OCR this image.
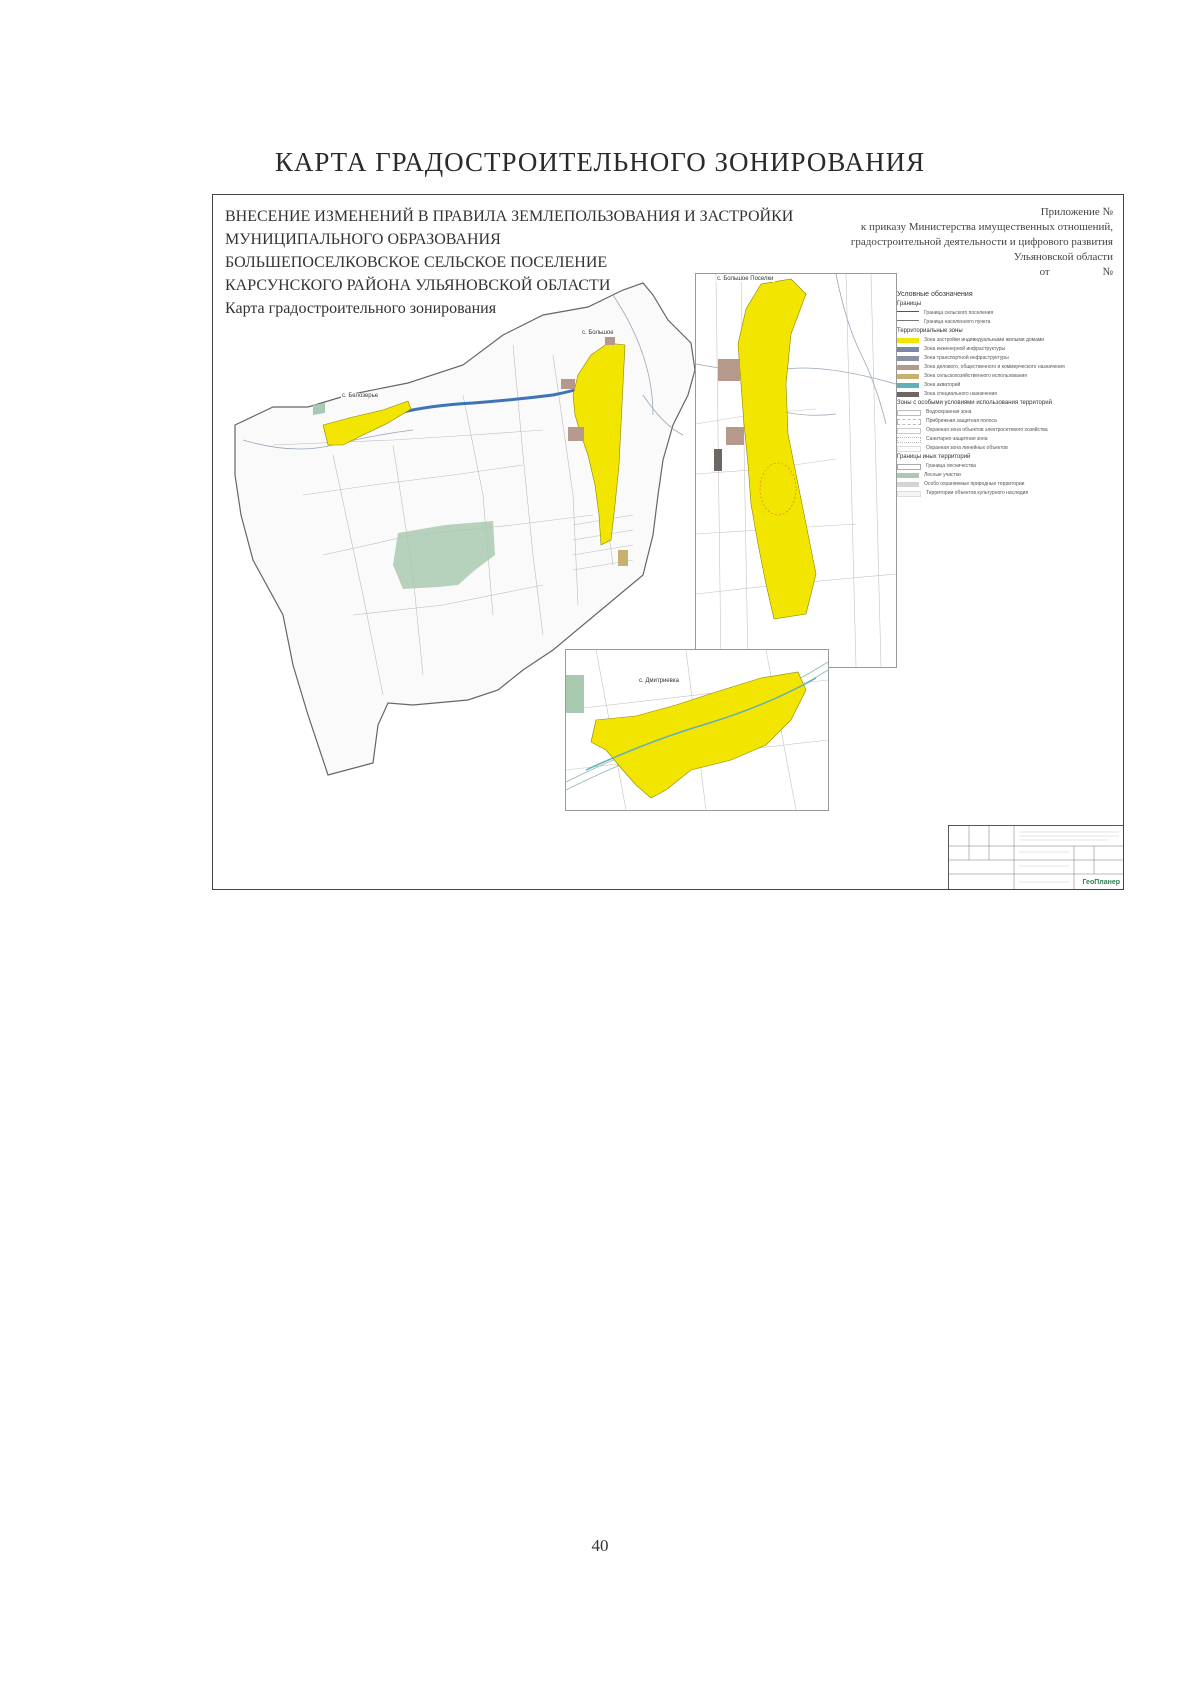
КАРТА ГРАДОСТРОИТЕЛЬНОГО ЗОНИРОВАНИЯ
с. Белозерье
с. Большое
ВНЕСЕНИЕ ИЗМЕНЕНИЙ В ПРАВИЛА ЗЕМЛЕПОЛЬЗОВАНИЯ И ЗАСТРОЙКИ
МУНИЦИПАЛЬНОГО ОБРАЗОВАНИЯ
БОЛЬШЕПОСЕЛКОВСКОЕ СЕЛЬСКОЕ ПОСЕЛЕНИЕ
КАРСУНСКОГО РАЙОНА УЛЬЯНОВСКОЙ ОБЛАСТИ
Карта градостроительного зонирования
Приложение №
к приказу Министерства имущественных отношений,
градостроительной деятельности и цифрового развития
Ульяновской области
от	№
с. Большое Поселки
с. Дмитриевка
Условные обозначения
Границы
Граница сельского поселения
Граница населенного пункта
Территориальные зоны
Зона застройки индивидуальными жилыми домами
Зона инженерной инфраструктуры
Зона транспортной инфраструктуры
Зона делового, общественного и коммерческого назначения
Зона сельскохозяйственного использования
Зона акваторий
Зона специального назначения
Зоны с особыми условиями использования территорий
Водоохранная зона
Прибрежная защитная полоса
Охранная зона объектов электросетевого хозяйства
Санитарно-защитная зона
Охранная зона линейных объектов
Границы иных территорий
Граница лесничества
Лесные участки
Особо охраняемые природные территории
Территории объектов культурного наследия
ГеоПланер
40
